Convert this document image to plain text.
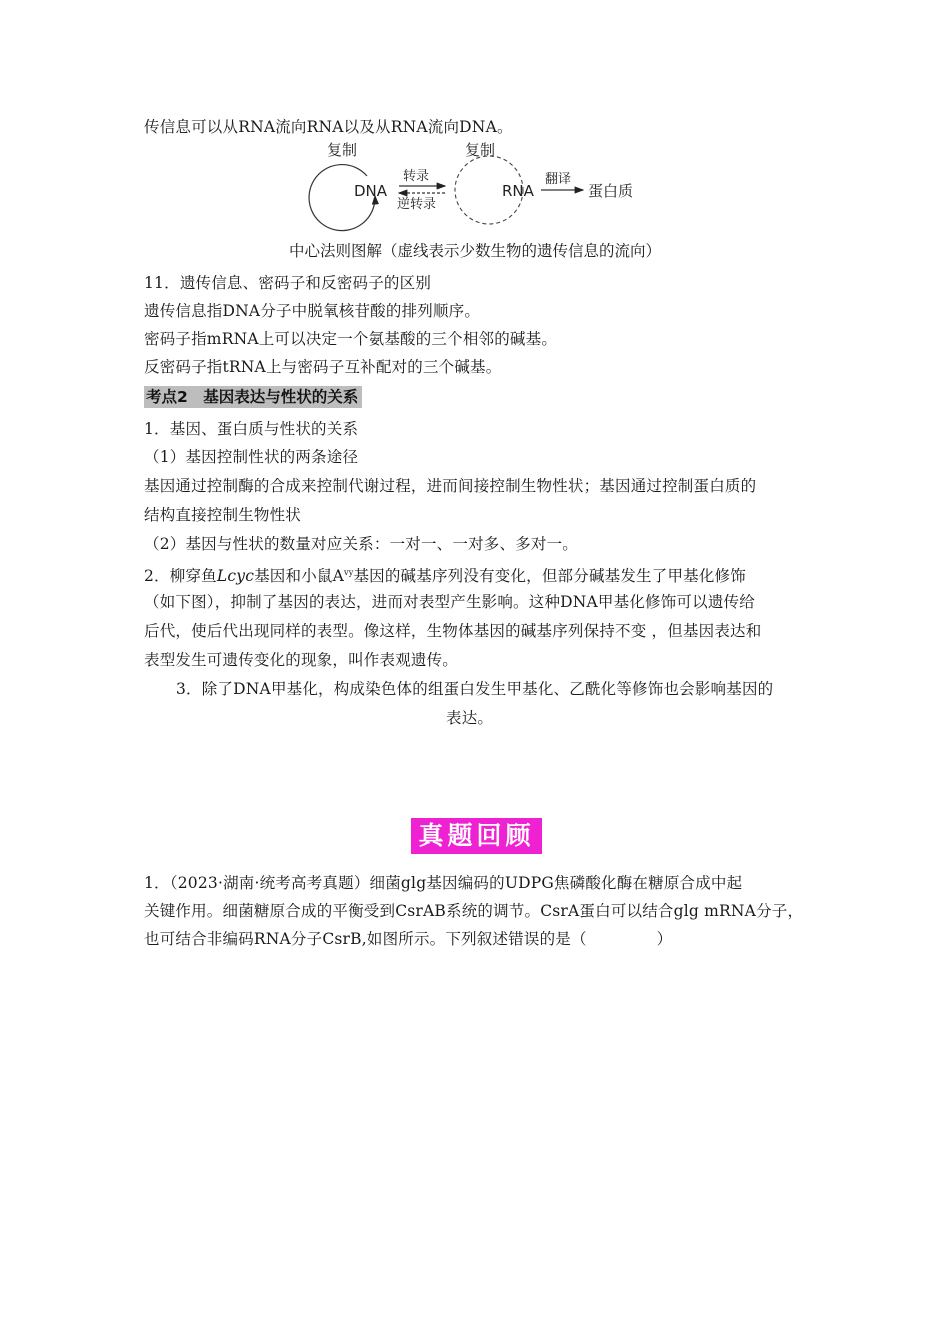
传信息可以从RNA流向RNA以及从RNA流向DNA。
复制
DNA
转录
逆转录
复制
RNA
翻译
蛋白质
中心法则图解（虚线表示少数生物的遗传信息的流向）
11．遗传信息、密码子和反密码子的区别
遗传信息指DNA分子中脱氧核苷酸的排列顺序。
密码子指mRNA上可以决定一个氨基酸的三个相邻的碱基。
反密码子指tRNA上与密码子互补配对的三个碱基。
考点2　基因表达与性状的关系
1．基因、蛋白质与性状的关系
（1）基因控制性状的两条途径
基因通过控制酶的合成来控制代谢过程，进而间接控制生物性状；基因通过控制蛋白质的
结构直接控制生物性状
（2）基因与性状的数量对应关系：一对一、一对多、多对一。
2．柳穿鱼Lcyc基因和小鼠$A^{vy}$基因的碱基序列没有变化，但部分碱基发生了甲基化修饰
（如下图），抑制了基因的表达，进而对表型产生影响。这种DNA甲基化修饰可以遗传给
后代，使后代出现同样的表型。像这样，生物体基因的碱基序列保持不变 ，但基因表达和
表型发生可遗传变化的现象，叫作表观遗传。
3．除了DNA甲基化，构成染色体的组蛋白发生甲基化、乙酰化等修饰也会影响基因的
表达。
真题回顾
1．（2023·湖南·统考高考真题）细菌glg基因编码的UDPG焦磷酸化酶在糖原合成中起
关键作用。细菌糖原合成的平衡受到CsrAB系统的调节。CsrA蛋白可以结合glg mRNA分子，
也可结合非编码RNA分子CsrB,如图所示。下列叙述错误的是（	）
